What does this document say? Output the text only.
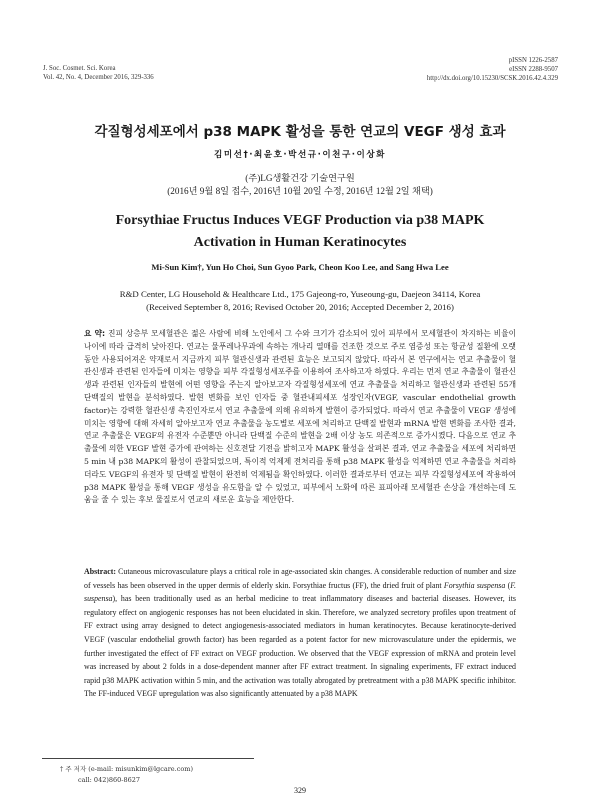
J. Soc. Cosmet. Sci. Korea
Vol. 42, No. 4, December 2016, 329-336
pISSN 1226-2587
eISSN 2288-9507
http://dx.doi.org/10.15230/SCSK.2016.42.4.329
각질형성세포에서 p38 MAPK 활성을 통한 연교의 VEGF 생성 효과
김미선†·최윤호·박선규·이천구·이상화
(주)LG생활건강 기술연구원
(2016년 9월 8일 접수, 2016년 10월 20일 수정, 2016년 12월 2일 채택)
Forsythiae Fructus Induces VEGF Production via p38 MAPK
Activation in Human Keratinocytes
Mi-Sun Kim†, Yun Ho Choi, Sun Gyoo Park, Cheon Koo Lee, and Sang Hwa Lee
R&D Center, LG Household & Healthcare Ltd., 175 Gajeong-ro, Yuseoung-gu, Daejeon 34114, Korea
(Received September 8, 2016; Revised October 20, 2016; Accepted December 2, 2016)
요 약: 진피 상층부 모세혈관은 젊은 사람에 비해 노인에서 그 수와 크기가 감소되어 있어 피부에서 모세혈관이 차지하는 비율이 나이에 따라 급격히 낮아진다. 연교는 물푸레나무과에 속하는 개나리 열매를 건조한 것으로 주로 염증성 또는 항균성 질환에 오랫동안 사용되어져온 약재로서 지금까지 피부 혈관신생과 관련된 효능은 보고되지 않았다. 따라서 본 연구에서는 연교 추출물이 혈관신생과 관련된 인자들에 미치는 영향을 피부 각질형성세포주를 이용하여 조사하고자 하였다. 우리는 먼저 연교 추출물이 혈관신생과 관련된 인자들의 발현에 어떤 영향을 주는지 알아보고자 각질형성세포에 연교 추출물을 처리하고 혈관신생과 관련된 55개 단백질의 발현을 분석하였다. 발현 변화를 보인 인자들 중 혈관내피세포 성장인자(VEGF, vascular endothelial growth factor)는 강력한 혈관신생 촉진인자로서 연교 추출물에 의해 유의하게 발현이 증가되었다. 따라서 연교 추출물이 VEGF 생성에 미치는 영향에 대해 자세히 알아보고자 연교 추출물을 농도별로 세포에 처리하고 단백질 발현과 mRNA 발현 변화를 조사한 결과, 연교 추출물은 VEGF의 유전자 수준뿐만 아니라 단백질 수준의 발현을 2배 이상 농도 의존적으로 증가시켰다. 다음으로 연교 추출물에 의한 VEGF 발현 증가에 관여하는 신호전달 기전을 밝히고자 MAPK 활성을 살펴본 결과, 연교 추출물을 세포에 처리하면 5 min 내 p38 MAPK의 활성이 관찰되었으며, 특이적 억제제 전처리를 통해 p38 MAPK 활성을 억제하면 연교 추출물을 처리하더라도 VEGF의 유전자 및 단백질 발현이 완전히 억제됨을 확인하였다. 이러한 결과로부터 연교는 피부 각질형성세포에 작용하여 p38 MAPK 활성을 통해 VEGF 생성을 유도함을 알 수 있었고, 피부에서 노화에 따른 표피아래 모세혈관 손상을 개선하는데 도움을 줄 수 있는 후보 물질로서 연교의 새로운 효능을 제안한다.
Abstract: Cutaneous microvasculature plays a critical role in age-associated skin changes. A considerable reduction of number and size of vessels has been observed in the upper dermis of elderly skin. Forsythiae fructus (FF), the dried fruit of plant Forsythia suspensa (F. suspensa), has been traditionally used as an herbal medicine to treat inflammatory diseases and bacterial diseases. However, its regulatory effect on angiogenic responses has not been elucidated in skin. Therefore, we analyzed secretory profiles upon treatment of FF extract using array designed to detect angiogenesis-associated mediators in human keratinocytes. Because keratinocyte-derived VEGF (vascular endothelial growth factor) has been regarded as a potent factor for new microvasculature under the epidermis, we further investigated the effect of FF extract on VEGF production. We observed that the VEGF expression of mRNA and protein level was increased by about 2 folds in a dose-dependent manner after FF extract treatment. In signaling experiments, FF extract induced rapid p38 MAPK activation within 5 min, and the activation was totally abrogated by pretreatment with a p38 MAPK specific inhibitor. The FF-induced VEGF upregulation was also significantly attenuated by a p38 MAPK
† 주 저자 (e-mail: misunkim@lgcare.com)
call: 042)860-8627
329
